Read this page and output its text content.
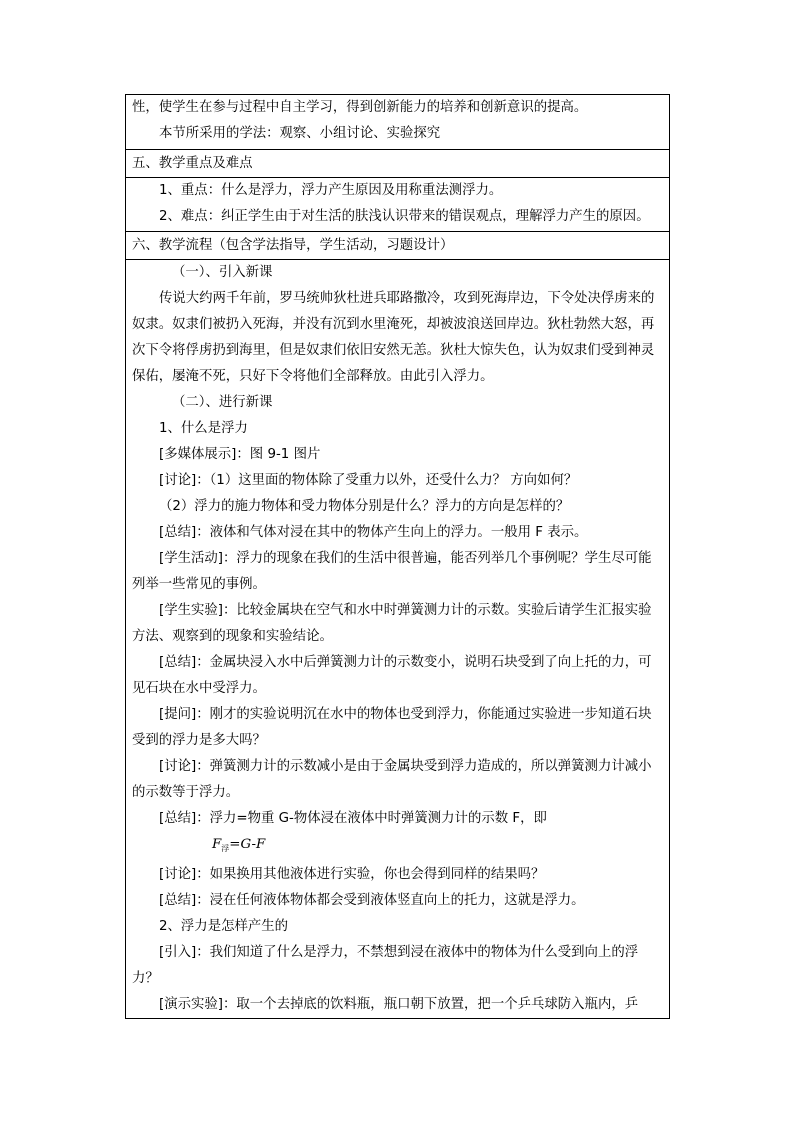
性，使学生在参与过程中自主学习，得到创新能力的培养和创新意识的提高。

本节所采用的学法：观察、小组讨论、实验探究

五、教学重点及难点

1、重点：什么是浮力，浮力产生原因及用称重法测浮力。

2、难点：纠正学生由于对生活的肤浅认识带来的错误观点，理解浮力产生的原因。

六、教学流程（包含学法指导，学生活动，习题设计）

（一）、引入新课

传说大约两千年前，罗马统帅狄杜进兵耶路撒冷，攻到死海岸边，下令处决俘虏来的奴隶。奴隶们被扔入死海，并没有沉到水里淹死，却被波浪送回岸边。狄杜勃然大怒，再次下令将俘虏扔到海里，但是奴隶们依旧安然无恙。狄杜大惊失色，认为奴隶们受到神灵保佑，屡淹不死，只好下令将他们全部释放。由此引入浮力。

（二）、进行新课

1、什么是浮力

[多媒体展示]：图 9-1 图片

[讨论]：（1）这里面的物体除了受重力以外，还受什么力？ 方向如何？

（2）浮力的施力物体和受力物体分别是什么？浮力的方向是怎样的？

[总结]：液体和气体对浸在其中的物体产生向上的浮力。一般用 F 表示。

[学生活动]：浮力的现象在我们的生活中很普遍，能否列举几个事例呢？学生尽可能列举一些常见的事例。

[学生实验]：比较金属块在空气和水中时弹簧测力计的示数。实验后请学生汇报实验方法、观察到的现象和实验结论。

[总结]：金属块浸入水中后弹簧测力计的示数变小，说明石块受到了向上托的力，可见石块在水中受浮力。

[提问]：刚才的实验说明沉在水中的物体也受到浮力，你能通过实验进一步知道石块受到的浮力是多大吗？

[讨论]：弹簧测力计的示数减小是由于金属块受到浮力造成的，所以弹簧测力计减小的示数等于浮力。

[总结]：浮力=物重 G-物体浸在液体中时弹簧测力计的示数 F，即

$F_浮=G-F$

[讨论]：如果换用其他液体进行实验，你也会得到同样的结果吗？

[总结]：浸在任何液体物体都会受到液体竖直向上的托力，这就是浮力。

2、浮力是怎样产生的

[引入]：我们知道了什么是浮力，不禁想到浸在液体中的物体为什么受到向上的浮力？

[演示实验]：取一个去掉底的饮料瓶，瓶口朝下放置，把一个乒乓球防入瓶内，乒
